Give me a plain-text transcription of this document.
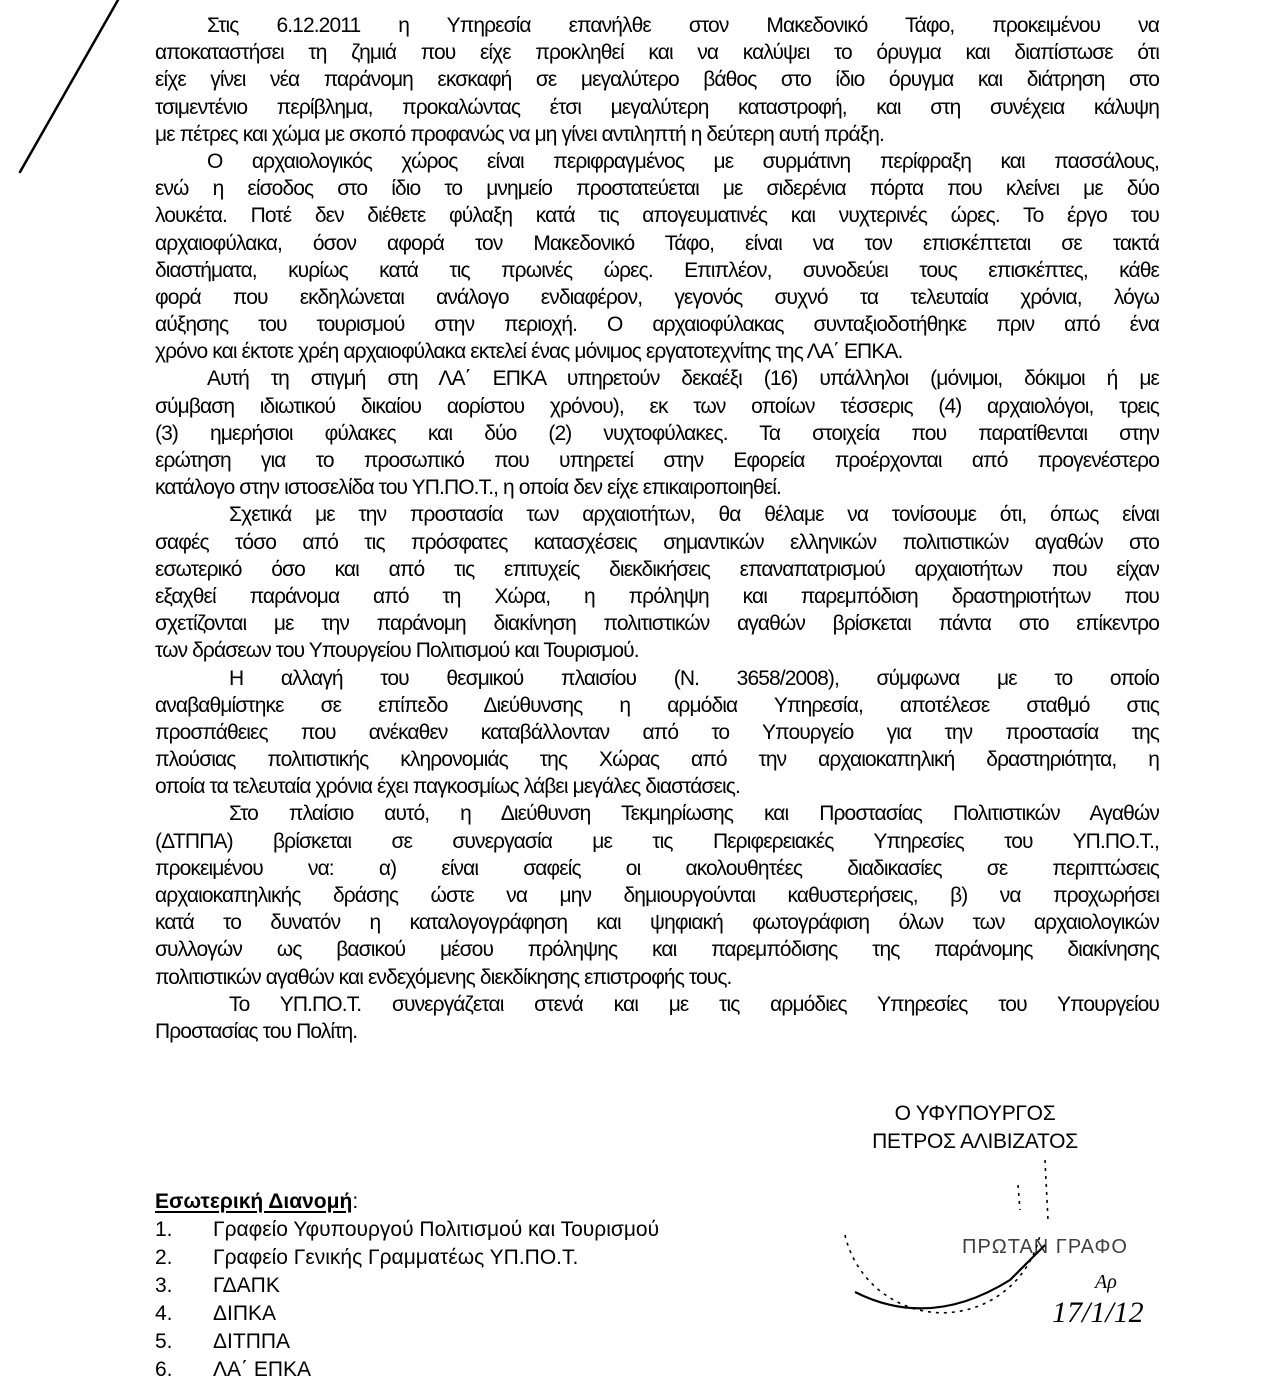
Στις 6.12.2011 η Υπηρεσία επανήλθε στον Μακεδονικό Τάφο, προκειμένου να
αποκαταστήσει τη ζημιά που είχε προκληθεί και να καλύψει το όρυγμα και διαπίστωσε ότι
είχε γίνει νέα παράνομη εκσκαφή σε μεγαλύτερο βάθος στο ίδιο όρυγμα και διάτρηση στο
τσιμεντένιο περίβλημα, προκαλώντας έτσι μεγαλύτερη καταστροφή, και στη συνέχεια κάλυψη
με πέτρες και χώμα με σκοπό προφανώς να μη γίνει αντιληπτή η δεύτερη αυτή πράξη.
Ο αρχαιολογικός χώρος είναι περιφραγμένος με συρμάτινη περίφραξη και πασσάλους,
ενώ η είσοδος στο ίδιο το μνημείο προστατεύεται με σιδερένια πόρτα που κλείνει με δύο
λουκέτα. Ποτέ δεν διέθετε φύλαξη κατά τις απογευματινές και νυχτερινές ώρες. Το έργο του
αρχαιοφύλακα, όσον αφορά τον Μακεδονικό Τάφο, είναι να τον επισκέπτεται σε τακτά
διαστήματα, κυρίως κατά τις πρωινές ώρες. Επιπλέον, συνοδεύει τους επισκέπτες, κάθε
φορά που εκδηλώνεται ανάλογο ενδιαφέρον, γεγονός συχνό τα τελευταία χρόνια, λόγω
αύξησης του τουρισμού στην περιοχή. Ο αρχαιοφύλακας συνταξιοδοτήθηκε πριν από ένα
χρόνο και έκτοτε χρέη αρχαιοφύλακα εκτελεί ένας μόνιμος εργατοτεχνίτης της ΛΑ΄ ΕΠΚΑ.
Αυτή τη στιγμή στη ΛΑ΄ ΕΠΚΑ υπηρετούν δεκαέξι (16) υπάλληλοι (μόνιμοι, δόκιμοι ή με
σύμβαση ιδιωτικού δικαίου αορίστου χρόνου), εκ των οποίων τέσσερις (4) αρχαιολόγοι, τρεις
(3) ημερήσιοι φύλακες και δύο (2) νυχτοφύλακες. Τα στοιχεία που παρατίθενται στην
ερώτηση για το προσωπικό που υπηρετεί στην Εφορεία προέρχονται από προγενέστερο
κατάλογο στην ιστοσελίδα του ΥΠ.ΠΟ.Τ., η οποία δεν είχε επικαιροποιηθεί.
Σχετικά με την προστασία των αρχαιοτήτων, θα θέλαμε να τονίσουμε ότι, όπως είναι
σαφές τόσο από τις πρόσφατες κατασχέσεις σημαντικών ελληνικών πολιτιστικών αγαθών στο
εσωτερικό όσο και από τις επιτυχείς διεκδικήσεις επαναπατρισμού αρχαιοτήτων που είχαν
εξαχθεί παράνομα από τη Χώρα, η πρόληψη και παρεμπόδιση δραστηριοτήτων που
σχετίζονται με την παράνομη διακίνηση πολιτιστικών αγαθών βρίσκεται πάντα στο επίκεντρο
των δράσεων του Υπουργείου Πολιτισμού και Τουρισμού.
Η αλλαγή του θεσμικού πλαισίου (Ν. 3658/2008), σύμφωνα με το οποίο
αναβαθμίστηκε σε επίπεδο Διεύθυνσης η αρμόδια Υπηρεσία, αποτέλεσε σταθμό στις
προσπάθειες που ανέκαθεν καταβάλλονταν από το Υπουργείο για την προστασία της
πλούσιας πολιτιστικής κληρονομιάς της Χώρας από την αρχαιοκαπηλική δραστηριότητα, η
οποία τα τελευταία χρόνια έχει παγκοσμίως λάβει μεγάλες διαστάσεις.
Στο πλαίσιο αυτό, η Διεύθυνση Τεκμηρίωσης και Προστασίας Πολιτιστικών Αγαθών
(ΔΤΠΠΑ) βρίσκεται σε συνεργασία με τις Περιφερειακές Υπηρεσίες του ΥΠ.ΠΟ.Τ.,
προκειμένου να: α) είναι σαφείς οι ακολουθητέες διαδικασίες σε περιπτώσεις
αρχαιοκαπηλικής δράσης ώστε να μην δημιουργούνται καθυστερήσεις, β) να προχωρήσει
κατά το δυνατόν η καταλογογράφηση και ψηφιακή φωτογράφιση όλων των αρχαιολογικών
συλλογών ως βασικού μέσου πρόληψης και παρεμπόδισης της παράνομης διακίνησης
πολιτιστικών αγαθών και ενδεχόμενης διεκδίκησης επιστροφής τους.
Το ΥΠ.ΠΟ.Τ. συνεργάζεται στενά και με τις αρμόδιες Υπηρεσίες του Υπουργείου
Προστασίας του Πολίτη.
Ο ΥΦΥΠΟΥΡΓΟΣ
ΠΕΤΡΟΣ ΑΛΙΒΙΖΑΤΟΣ
ΠΡΩΤΑΝ ΓΡΑΦΟ
Αρ
17/1/12
Εσωτερική Διανομή:
1.	Γραφείο Υφυπουργού Πολιτισμού και Τουρισμού
2.	Γραφείο Γενικής Γραμματέως ΥΠ.ΠΟ.Τ.
3.	ΓΔΑΠΚ
4.	ΔΙΠΚΑ
5.	ΔΙΤΠΠΑ
6.	ΛΑ΄ ΕΠΚΑ
